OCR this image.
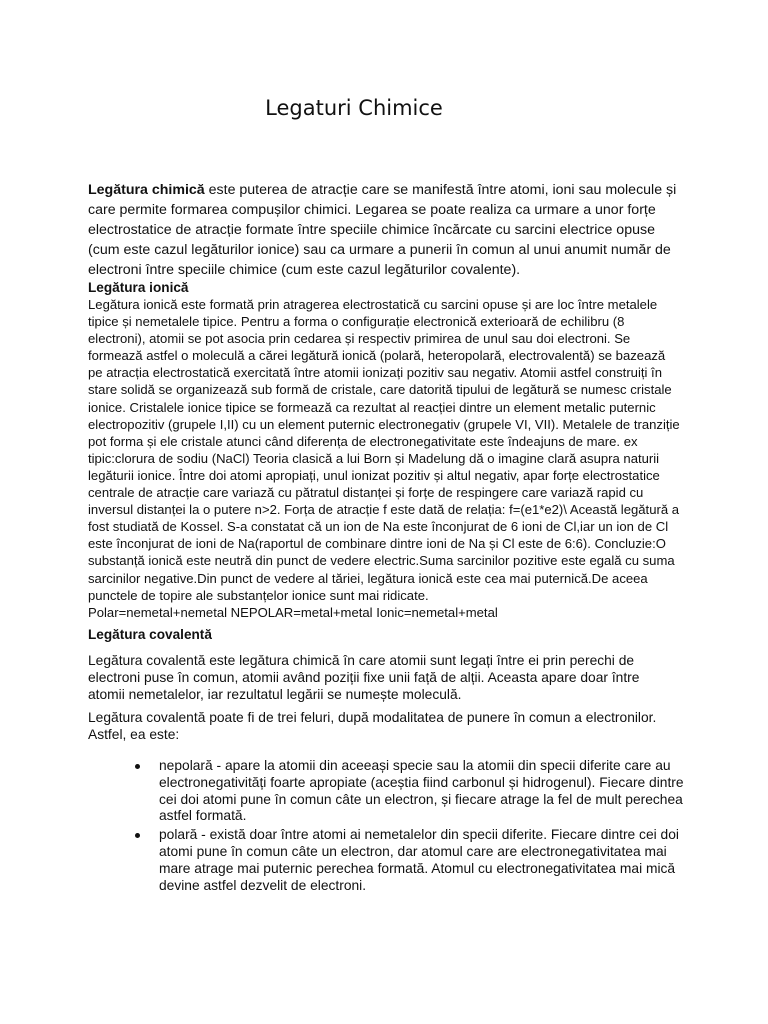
Legaturi Chimice

Legătura chimică este puterea de atracție care se manifestă între atomi, ioni sau molecule și care permite formarea compușilor chimici. Legarea se poate realiza ca urmare a unor forțe electrostatice de atracție formate între speciile chimice încărcate cu sarcini electrice opuse (cum este cazul legăturilor ionice) sau ca urmare a punerii în comun al unui anumit număr de electroni între speciile chimice (cum este cazul legăturilor covalente).

Legătura ionică
Legătura ionică este formată prin atragerea electrostatică cu sarcini opuse și are loc între metalele tipice și nemetalele tipice. Pentru a forma o configurație electronică exterioară de echilibru (8 electroni), atomii se pot asocia prin cedarea și respectiv primirea de unul sau doi electroni. Se formează astfel o moleculă a cărei legătură ionică (polară, heteropolară, electrovalentă) se bazează pe atracția electrostatică exercitată între atomii ionizați pozitiv sau negativ. Atomii astfel construiți în stare solidă se organizează sub formă de cristale, care datorită tipului de legătură se numesc cristale ionice. Cristalele ionice tipice se formează ca rezultat al reacției dintre un element metalic puternic electropozitiv (grupele I,II) cu un element puternic electronegativ (grupele VI, VII). Metalele de tranziție pot forma și ele cristale atunci când diferența de electronegativitate este îndeajuns de mare. ex tipic:clorura de sodiu (NaCl) Teoria clasică a lui Born și Madelung dă o imagine clară asupra naturii legăturii ionice. Între doi atomi apropiați, unul ionizat pozitiv și altul negativ, apar forțe electrostatice centrale de atracție care variază cu pătratul distanței și forțe de respingere care variază rapid cu inversul distanței la o putere n>2. Forța de atracție f este dată de relația: f=(e1*e2)\ Această legătură a fost studiată de Kossel. S-a constatat că un ion de Na este înconjurat de 6 ioni de Cl,iar un ion de Cl este înconjurat de ioni de Na(raportul de combinare dintre ioni de Na și Cl este de 6:6). Concluzie:O substanță ionică este neutră din punct de vedere electric.Suma sarcinilor pozitive este egală cu suma sarcinilor negative.Din punct de vedere al tăriei, legătura ionică este cea mai puternică.De aceea punctele de topire ale substanțelor ionice sunt mai ridicate.
Polar=nemetal+nemetal NEPOLAR=metal+metal Ionic=nemetal+metal
Legătura covalentă

Legătura covalentă este legătura chimică în care atomii sunt legați între ei prin perechi de electroni puse în comun, atomii având poziții fixe unii față de alții. Aceasta apare doar între atomii nemetalelor, iar rezultatul legării se numește moleculă.

Legătura covalentă poate fi de trei feluri, după modalitatea de punere în comun a electronilor. Astfel, ea este:

nepolară - apare la atomii din aceeași specie sau la atomii din specii diferite care au electronegativități foarte apropiate (aceștia fiind carbonul și hidrogenul). Fiecare dintre cei doi atomi pune în comun câte un electron, și fiecare atrage la fel de mult perechea astfel formată.
polară - există doar între atomi ai nemetalelor din specii diferite. Fiecare dintre cei doi atomi pune în comun câte un electron, dar atomul care are electronegativitatea mai mare atrage mai puternic perechea formată. Atomul cu electronegativitatea mai mică devine astfel dezvelit de electroni.
